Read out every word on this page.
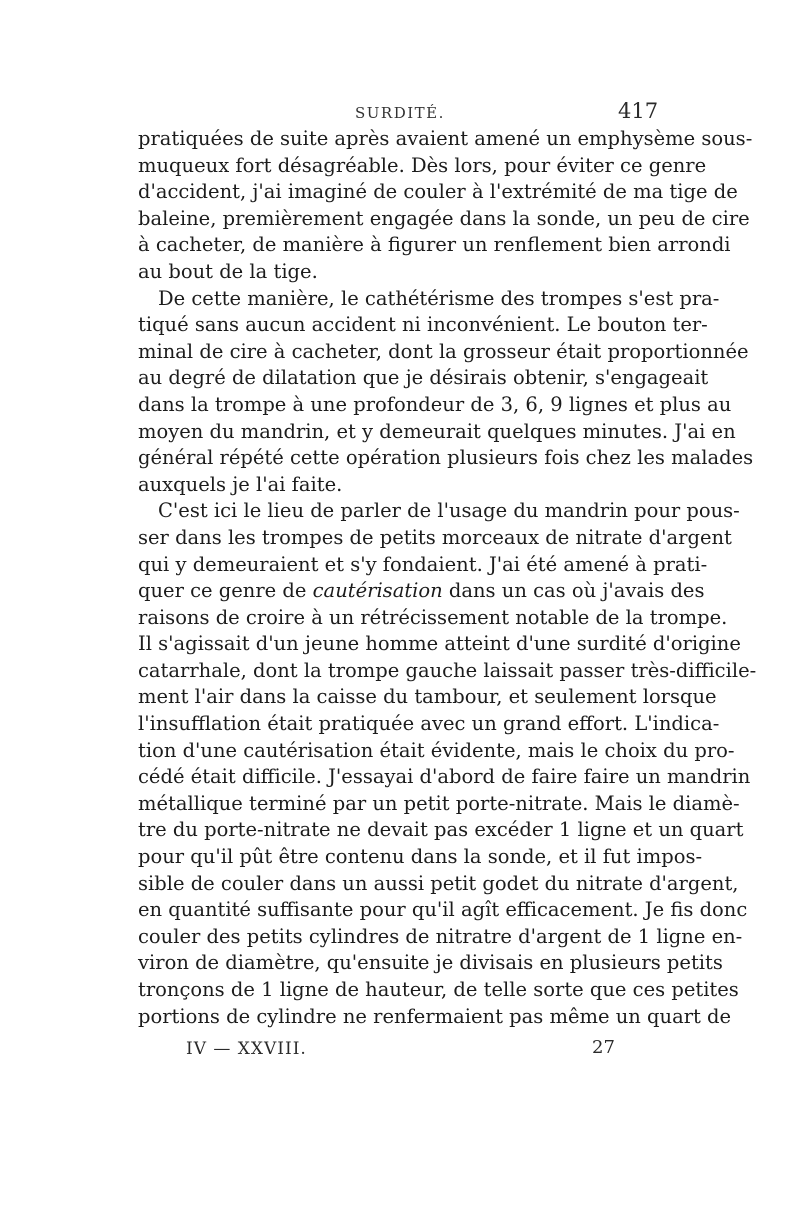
SURDITÉ.	417
pratiquées de suite après avaient amené un emphysème sous-
muqueux fort désagréable. Dès lors, pour éviter ce genre
d'accident, j'ai imaginé de couler à l'extrémité de ma tige de
baleine, premièrement engagée dans la sonde, un peu de cire
à cacheter, de manière à figurer un renflement bien arrondi
au bout de la tige.
De cette manière, le cathétérisme des trompes s'est pra-
tiqué sans aucun accident ni inconvénient. Le bouton ter-
minal de cire à cacheter, dont la grosseur était proportionnée
au degré de dilatation que je désirais obtenir, s'engageait
dans la trompe à une profondeur de 3, 6, 9 lignes et plus au
moyen du mandrin, et y demeurait quelques minutes. J'ai en
général répété cette opération plusieurs fois chez les malades
auxquels je l'ai faite.
C'est ici le lieu de parler de l'usage du mandrin pour pous-
ser dans les trompes de petits morceaux de nitrate d'argent
qui y demeuraient et s'y fondaient. J'ai été amené à prati-
quer ce genre de cautérisation dans un cas où j'avais des
raisons de croire à un rétrécissement notable de la trompe.
Il s'agissait d'un jeune homme atteint d'une surdité d'origine
catarrhale, dont la trompe gauche laissait passer très-difficile-
ment l'air dans la caisse du tambour, et seulement lorsque
l'insufflation était pratiquée avec un grand effort. L'indica-
tion d'une cautérisation était évidente, mais le choix du pro-
cédé était difficile. J'essayai d'abord de faire faire un mandrin
métallique terminé par un petit porte-nitrate. Mais le diamè-
tre du porte-nitrate ne devait pas excéder 1 ligne et un quart
pour qu'il pût être contenu dans la sonde, et il fut impos-
sible de couler dans un aussi petit godet du nitrate d'argent,
en quantité suffisante pour qu'il agît efficacement. Je fis donc
couler des petits cylindres de nitratre d'argent de 1 ligne en-
viron de diamètre, qu'ensuite je divisais en plusieurs petits
tronçons de 1 ligne de hauteur, de telle sorte que ces petites
portions de cylindre ne renfermaient pas même un quart de
IV — XXVIII.	27
